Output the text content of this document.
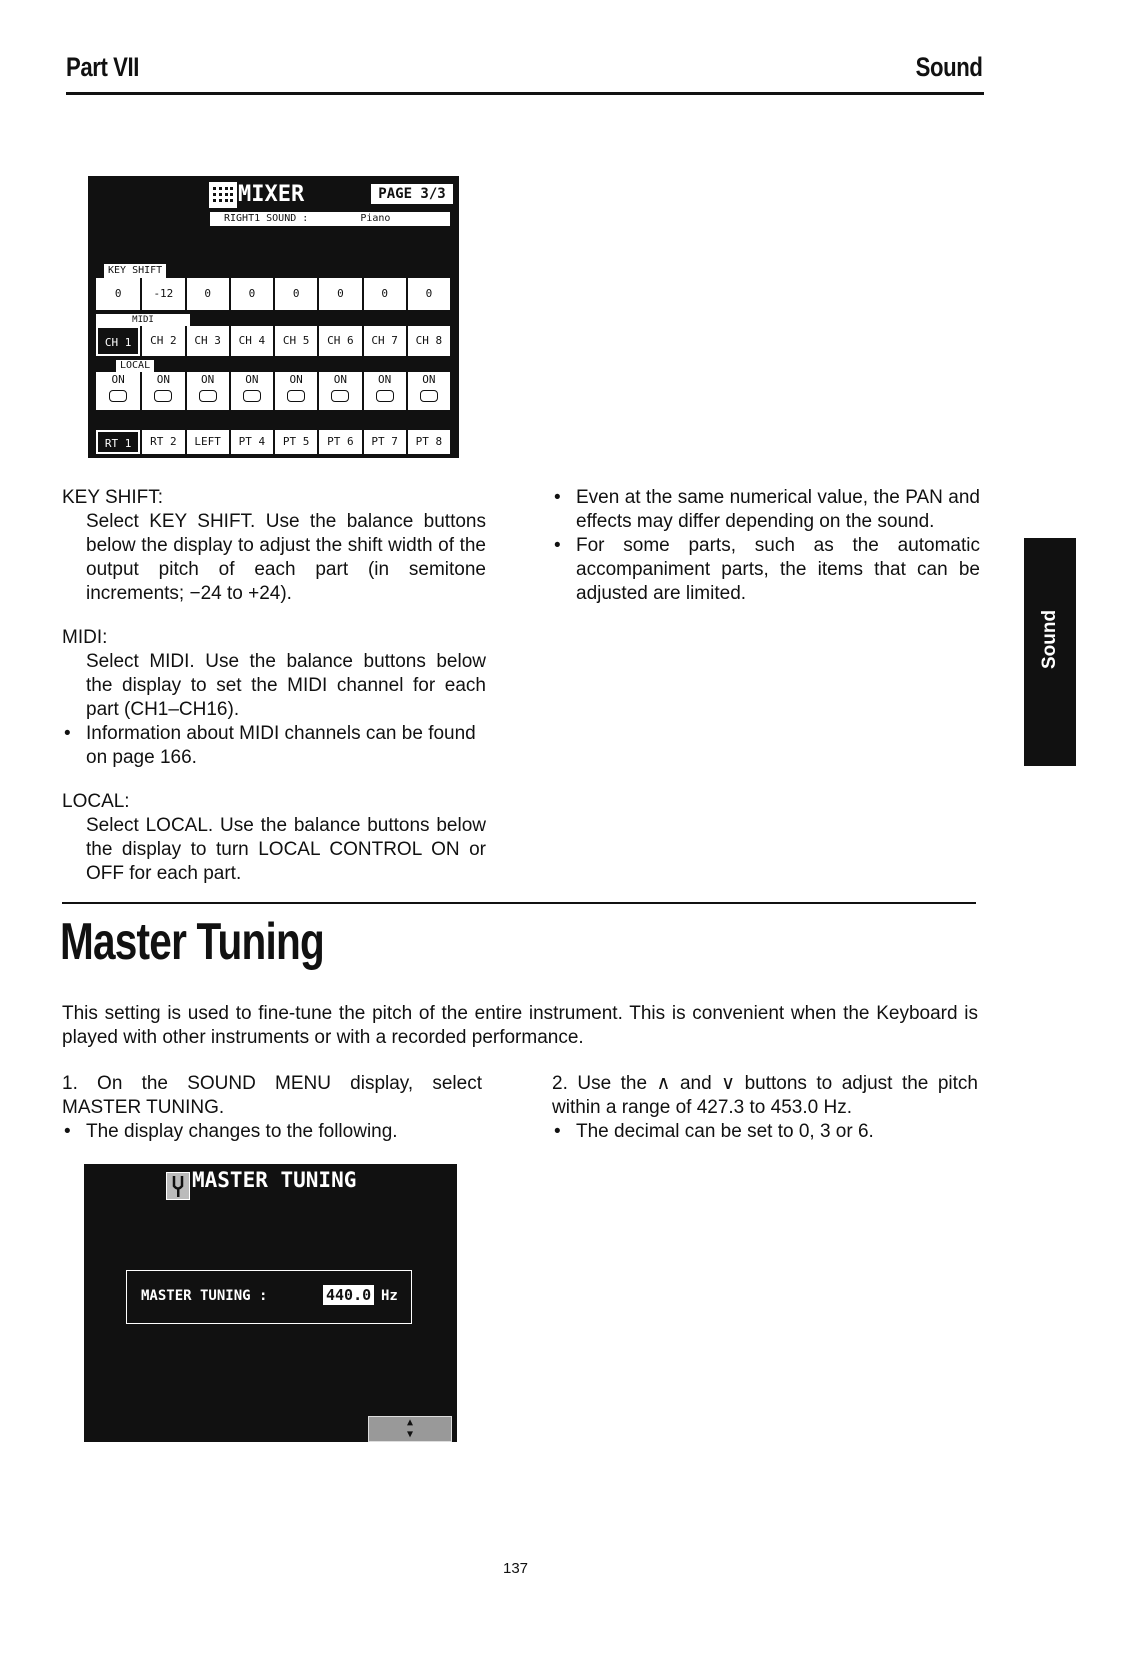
Part VII	Sound
Sound
MIXER	PAGE 3/3
RIGHT1 SOUND :	Piano
KEY SHIFT
0	-12	0	0	0	0	0	0
MIDI
CH 1	CH 2	CH 3	CH 4	CH 5	CH 6	CH 7	CH 8
LOCAL
ON	ON	ON	ON	ON	ON	ON	ON
RT 1	RT 2	LEFT	PT 4	PT 5	PT 6	PT 7	PT 8
KEY SHIFT:
Select KEY SHIFT. Use the balance buttons below the display to adjust the shift width of the output pitch of each part (in semitone increments; −24 to +24).
MIDI:
Select MIDI. Use the balance buttons below the display to set the MIDI channel for each part (CH1–CH16).
• Information about MIDI channels can be found on page 166.
LOCAL:
Select LOCAL. Use the balance buttons below the display to turn LOCAL CONTROL ON or OFF for each part.
• Even at the same numerical value, the PAN and effects may differ depending on the sound.
• For some parts, such as the automatic accompaniment parts, the items that can be adjusted are limited.
Master Tuning
This setting is used to fine-tune the pitch of the entire instrument. This is convenient when the Keyboard is played with other instruments or with a recorded performance.
1. On the SOUND MENU display, select MASTER TUNING.
• The display changes to the following.
2. Use the ∧ and ∨ buttons to adjust the pitch within a range of 427.3 to 453.0 Hz.
• The decimal can be set to 0, 3 or 6.
MASTER TUNING
MASTER TUNING :	440.0 Hz
▲
▼
137
